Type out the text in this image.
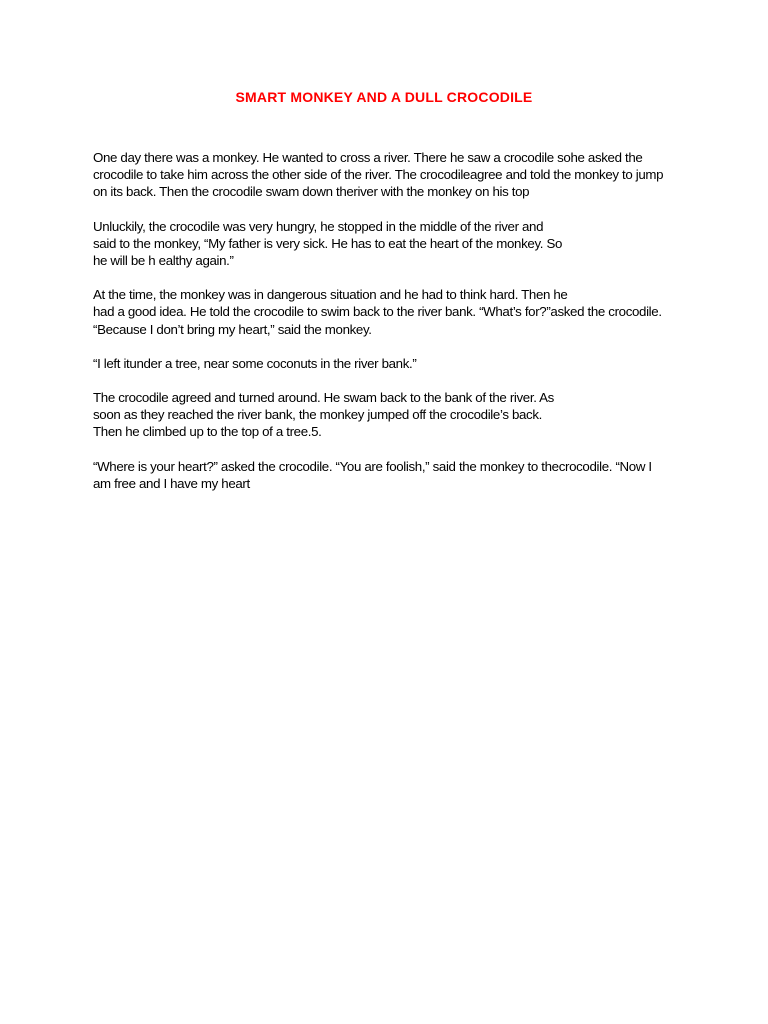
SMART MONKEY AND A DULL CROCODILE

One day there was a monkey. He wanted to cross a river. There he saw a crocodile sohe asked the
crocodile to take him across the other side of the river. The crocodileagree and told the monkey to jump
on its back. Then the crocodile swam down theriver with the monkey on his top

Unluckily, the crocodile was very hungry, he stopped in the middle of the river and
said to the monkey, “My father is very sick. He has to eat the heart of the monkey. So
he will be h ealthy again.”

At the time, the monkey was in dangerous situation and he had to think hard. Then he
had a good idea. He told the crocodile to swim back to the river bank. “What’s for?”asked the crocodile.
“Because I don’t bring my heart,” said the monkey.

“I left itunder a tree, near some coconuts in the river bank.”

The crocodile agreed and turned around. He swam back to the bank of the river. As
soon as they reached the river bank, the monkey jumped off the crocodile’s back.
Then he climbed up to the top of a tree.5.

“Where is your heart?” asked the crocodile. “You are foolish,” said the monkey to thecrocodile. “Now I
am free and I have my heart
